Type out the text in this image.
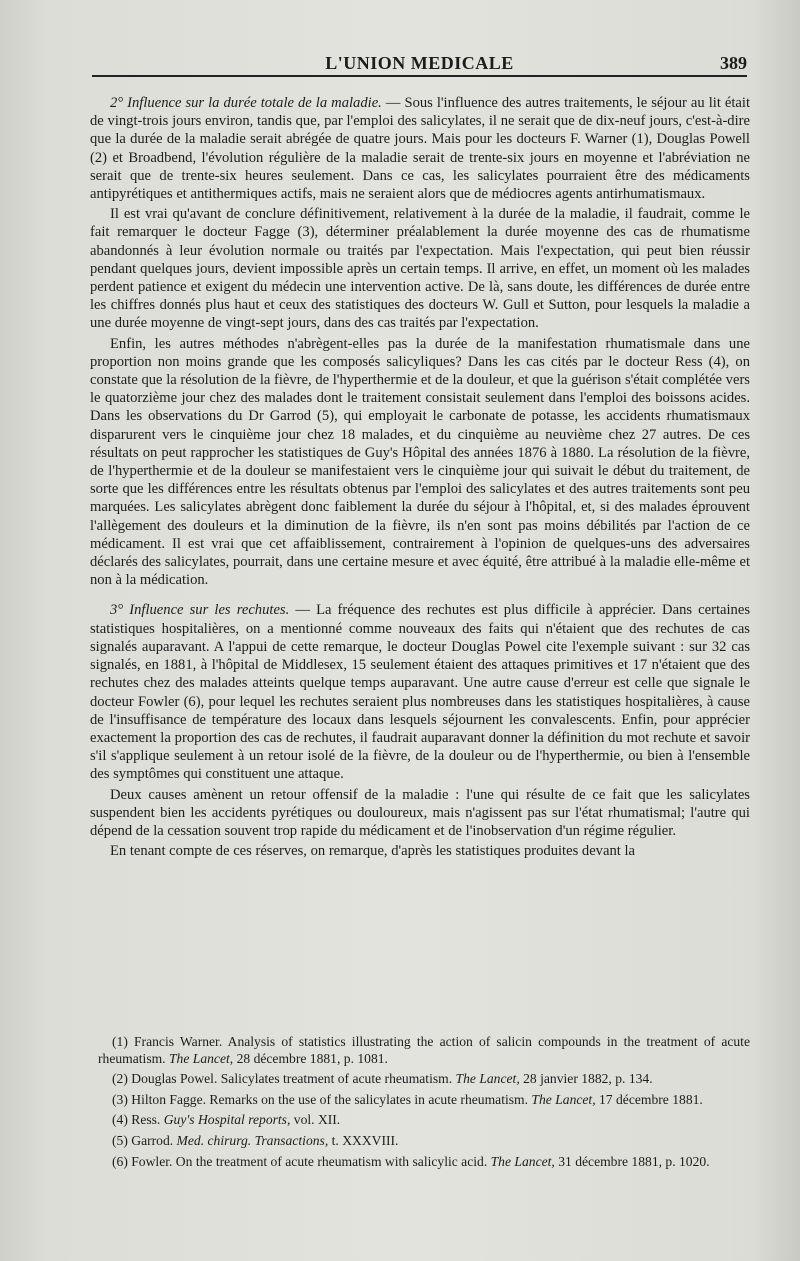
L'UNION MEDICALE	389

2° Influence sur la durée totale de la maladie. — Sous l'influence des autres traitements, le séjour au lit était de vingt-trois jours environ, tandis que, par l'emploi des salicylates, il ne serait que de dix-neuf jours, c'est-à-dire que la durée de la maladie serait abrégée de quatre jours. Mais pour les docteurs F. Warner (1), Douglas Powell (2) et Broadbend, l'évolution régulière de la maladie serait de trente-six jours en moyenne et l'abréviation ne serait que de trente-six heures seulement. Dans ce cas, les salicylates pourraient être des médicaments antipyrétiques et antithermiques actifs, mais ne seraient alors que de médiocres agents antirhumatismaux.

Il est vrai qu'avant de conclure définitivement, relativement à la durée de la maladie, il faudrait, comme le fait remarquer le docteur Fagge (3), déterminer préalablement la durée moyenne des cas de rhumatisme abandonnés à leur évolution normale ou traités par l'expectation. Mais l'expectation, qui peut bien réussir pendant quelques jours, devient impossible après un certain temps. Il arrive, en effet, un moment où les malades perdent patience et exigent du médecin une intervention active. De là, sans doute, les différences de durée entre les chiffres donnés plus haut et ceux des statistiques des docteurs W. Gull et Sutton, pour lesquels la maladie a une durée moyenne de vingt-sept jours, dans des cas traités par l'expectation.

Enfin, les autres méthodes n'abrègent-elles pas la durée de la manifestation rhumatismale dans une proportion non moins grande que les composés salicyliques? Dans les cas cités par le docteur Ress (4), on constate que la résolution de la fièvre, de l'hyperthermie et de la douleur, et que la guérison s'était complétée vers le quatorzième jour chez des malades dont le traitement consistait seulement dans l'emploi des boissons acides. Dans les observations du Dr Garrod (5), qui employait le carbonate de potasse, les accidents rhumatismaux disparurent vers le cinquième jour chez 18 malades, et du cinquième au neuvième chez 27 autres. De ces résultats on peut rapprocher les statistiques de Guy's Hôpital des années 1876 à 1880. La résolution de la fièvre, de l'hyperthermie et de la douleur se manifestaient vers le cinquième jour qui suivait le début du traitement, de sorte que les différences entre les résultats obtenus par l'emploi des salicylates et des autres traitements sont peu marquées. Les salicylates abrègent donc faiblement la durée du séjour à l'hôpital, et, si des malades éprouvent l'allègement des douleurs et la diminution de la fièvre, ils n'en sont pas moins débilités par l'action de ce médicament. Il est vrai que cet affaiblissement, contrairement à l'opinion de quelques-uns des adversaires déclarés des salicylates, pourrait, dans une certaine mesure et avec équité, être attribué à la maladie elle-même et non à la médication.

3° Influence sur les rechutes. — La fréquence des rechutes est plus difficile à apprécier. Dans certaines statistiques hospitalières, on a mentionné comme nouveaux des faits qui n'étaient que des rechutes de cas signalés auparavant. A l'appui de cette remarque, le docteur Douglas Powel cite l'exemple suivant : sur 32 cas signalés, en 1881, à l'hôpital de Middlesex, 15 seulement étaient des attaques primitives et 17 n'étaient que des rechutes chez des malades atteints quelque temps auparavant. Une autre cause d'erreur est celle que signale le docteur Fowler (6), pour lequel les rechutes seraient plus nombreuses dans les statistiques hospitalières, à cause de l'insuffisance de température des locaux dans lesquels séjournent les convalescents. Enfin, pour apprécier exactement la proportion des cas de rechutes, il faudrait auparavant donner la définition du mot rechute et savoir s'il s'applique seulement à un retour isolé de la fièvre, de la douleur ou de l'hyperthermie, ou bien à l'ensemble des symptômes qui constituent une attaque.

Deux causes amènent un retour offensif de la maladie : l'une qui résulte de ce fait que les salicylates suspendent bien les accidents pyrétiques ou douloureux, mais n'agissent pas sur l'état rhumatismal; l'autre qui dépend de la cessation souvent trop rapide du médicament et de l'inobservation d'un régime régulier.

En tenant compte de ces réserves, on remarque, d'après les statistiques produites devant la

(1) Francis Warner. Analysis of statistics illustrating the action of salicin compounds in the treatment of acute rheumatism. The Lancet, 28 décembre 1881, p. 1081.

(2) Douglas Powel. Salicylates treatment of acute rheumatism. The Lancet, 28 janvier 1882, p. 134.

(3) Hilton Fagge. Remarks on the use of the salicylates in acute rheumatism. The Lancet, 17 décembre 1881.

(4) Ress. Guy's Hospital reports, vol. XII.

(5) Garrod. Med. chirurg. Transactions, t. XXXVIII.

(6) Fowler. On the treatment of acute rheumatism with salicylic acid. The Lancet, 31 décembre 1881, p. 1020.
